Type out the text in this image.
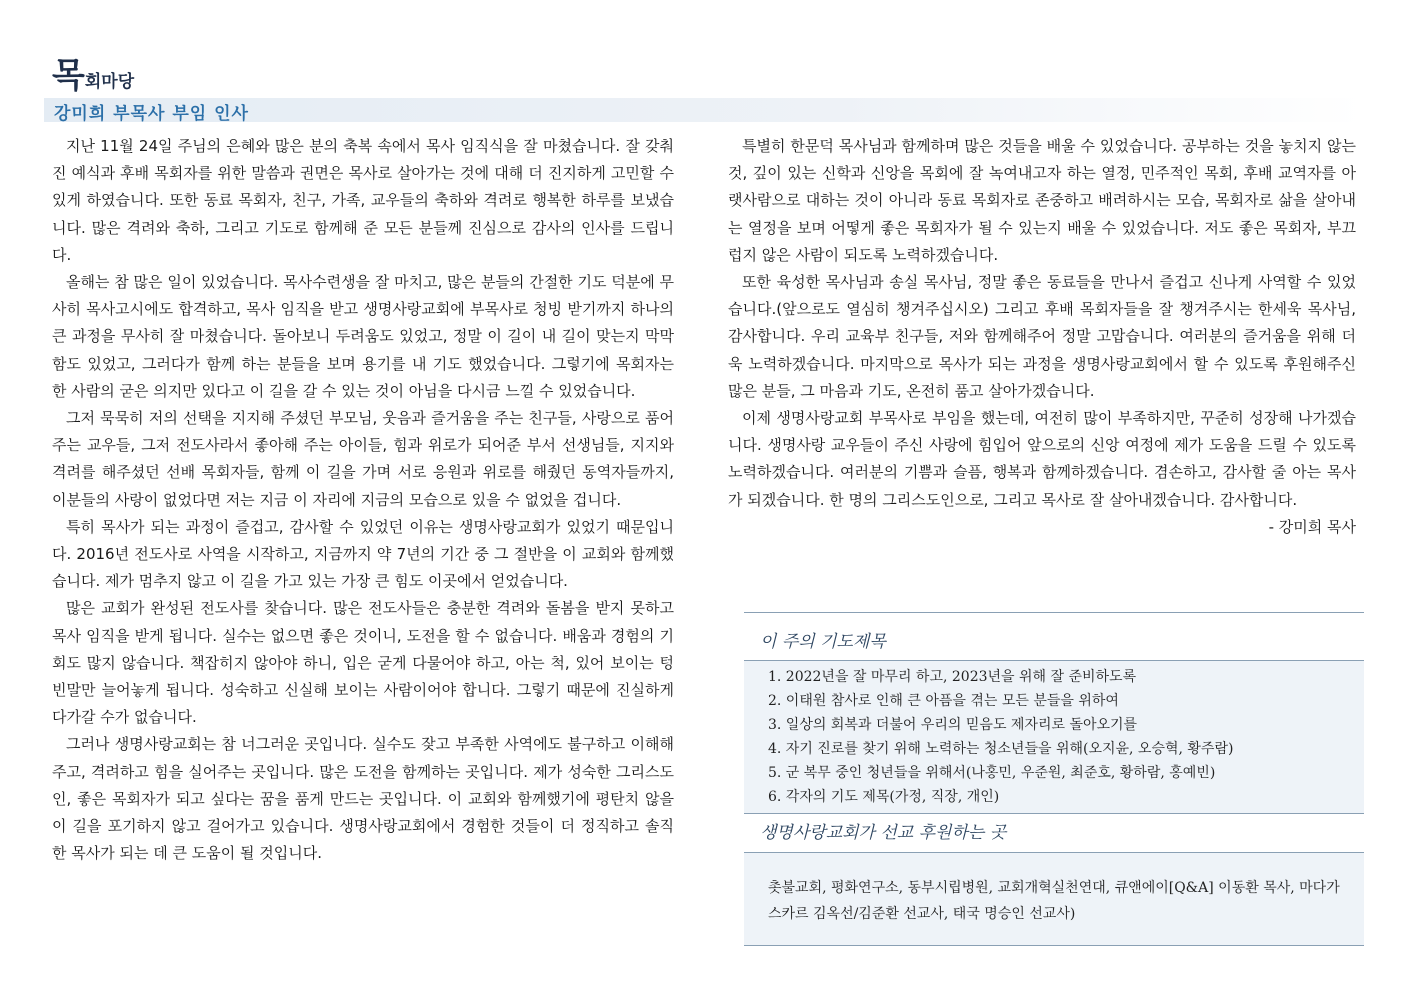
목회마당
강미희 부목사 부임 인사

지난 11월 24일 주님의 은혜와 많은 분의 축복 속에서 목사 임직식을 잘 마쳤습니다. 잘 갖춰진 예식과 후배 목회자를 위한 말씀과 권면은 목사로 살아가는 것에 대해 더 진지하게 고민할 수 있게 하였습니다. 또한 동료 목회자, 친구, 가족, 교우들의 축하와 격려로 행복한 하루를 보냈습니다. 많은 격려와 축하, 그리고 기도로 함께해 준 모든 분들께 진심으로 감사의 인사를 드립니다.

올해는 참 많은 일이 있었습니다. 목사수련생을 잘 마치고, 많은 분들의 간절한 기도 덕분에 무사히 목사고시에도 합격하고, 목사 임직을 받고 생명사랑교회에 부목사로 청빙 받기까지 하나의 큰 과정을 무사히 잘 마쳤습니다. 돌아보니 두려움도 있었고, 정말 이 길이 내 길이 맞는지 막막함도 있었고, 그러다가 함께 하는 분들을 보며 용기를 내 기도 했었습니다. 그렇기에 목회자는 한 사람의 굳은 의지만 있다고 이 길을 갈 수 있는 것이 아님을 다시금 느낄 수 있었습니다.

그저 묵묵히 저의 선택을 지지해 주셨던 부모님, 웃음과 즐거움을 주는 친구들, 사랑으로 품어주는 교우들, 그저 전도사라서 좋아해 주는 아이들, 힘과 위로가 되어준 부서 선생님들, 지지와 격려를 해주셨던 선배 목회자들, 함께 이 길을 가며 서로 응원과 위로를 해줬던 동역자들까지, 이분들의 사랑이 없었다면 저는 지금 이 자리에 지금의 모습으로 있을 수 없었을 겁니다.

특히 목사가 되는 과정이 즐겁고, 감사할 수 있었던 이유는 생명사랑교회가 있었기 때문입니다. 2016년 전도사로 사역을 시작하고, 지금까지 약 7년의 기간 중 그 절반을 이 교회와 함께했습니다. 제가 멈추지 않고 이 길을 가고 있는 가장 큰 힘도 이곳에서 얻었습니다.

많은 교회가 완성된 전도사를 찾습니다. 많은 전도사들은 충분한 격려와 돌봄을 받지 못하고 목사 임직을 받게 됩니다. 실수는 없으면 좋은 것이니, 도전을 할 수 없습니다. 배움과 경험의 기회도 많지 않습니다. 책잡히지 않아야 하니, 입은 굳게 다물어야 하고, 아는 척, 있어 보이는 텅 빈말만 늘어놓게 됩니다. 성숙하고 신실해 보이는 사람이어야 합니다. 그렇기 때문에 진실하게 다가갈 수가 없습니다.

그러나 생명사랑교회는 참 너그러운 곳입니다. 실수도 잦고 부족한 사역에도 불구하고 이해해주고, 격려하고 힘을 실어주는 곳입니다. 많은 도전을 함께하는 곳입니다. 제가 성숙한 그리스도인, 좋은 목회자가 되고 싶다는 꿈을 품게 만드는 곳입니다. 이 교회와 함께했기에 평탄치 않을 이 길을 포기하지 않고 걸어가고 있습니다. 생명사랑교회에서 경험한 것들이 더 정직하고 솔직한 목사가 되는 데 큰 도움이 될 것입니다.

특별히 한문덕 목사님과 함께하며 많은 것들을 배울 수 있었습니다. 공부하는 것을 놓치지 않는 것, 깊이 있는 신학과 신앙을 목회에 잘 녹여내고자 하는 열정, 민주적인 목회, 후배 교역자를 아랫사람으로 대하는 것이 아니라 동료 목회자로 존중하고 배려하시는 모습, 목회자로 삶을 살아내는 열정을 보며 어떻게 좋은 목회자가 될 수 있는지 배울 수 있었습니다. 저도 좋은 목회자, 부끄럽지 않은 사람이 되도록 노력하겠습니다.

또한 육성한 목사님과 송실 목사님, 정말 좋은 동료들을 만나서 즐겁고 신나게 사역할 수 있었습니다.(앞으로도 열심히 챙겨주십시오) 그리고 후배 목회자들을 잘 챙겨주시는 한세욱 목사님, 감사합니다. 우리 교육부 친구들, 저와 함께해주어 정말 고맙습니다. 여러분의 즐거움을 위해 더욱 노력하겠습니다. 마지막으로 목사가 되는 과정을 생명사랑교회에서 할 수 있도록 후원해주신 많은 분들, 그 마음과 기도, 온전히 품고 살아가겠습니다.

이제 생명사랑교회 부목사로 부임을 했는데, 여전히 많이 부족하지만, 꾸준히 성장해 나가겠습니다. 생명사랑 교우들이 주신 사랑에 힘입어 앞으로의 신앙 여정에 제가 도움을 드릴 수 있도록 노력하겠습니다. 여러분의 기쁨과 슬픔, 행복과 함께하겠습니다. 겸손하고, 감사할 줄 아는 목사가 되겠습니다. 한 명의 그리스도인으로, 그리고 목사로 잘 살아내겠습니다. 감사합니다.

- 강미희 목사
이 주의 기도제목
1. 2022년을 잘 마무리 하고, 2023년을 위해 잘 준비하도록
2. 이태원 참사로 인해 큰 아픔을 겪는 모든 분들을 위하여
3. 일상의 회복과 더불어 우리의 믿음도 제자리로 돌아오기를
4. 자기 진로를 찾기 위해 노력하는 청소년들을 위해(오지윤, 오승혁, 황주람)
5. 군 복무 중인 청년들을 위해서(나홍민, 우준원, 최준호, 황하람, 홍예빈)
6. 각자의 기도 제목(가정, 직장, 개인)
생명사랑교회가 선교 후원하는 곳
촛불교회, 평화연구소, 동부시립병원, 교회개혁실천연대, 큐앤에이[Q&A] 이동환 목사, 마다가스카르 김옥선/김준환 선교사, 태국 명승인 선교사)
